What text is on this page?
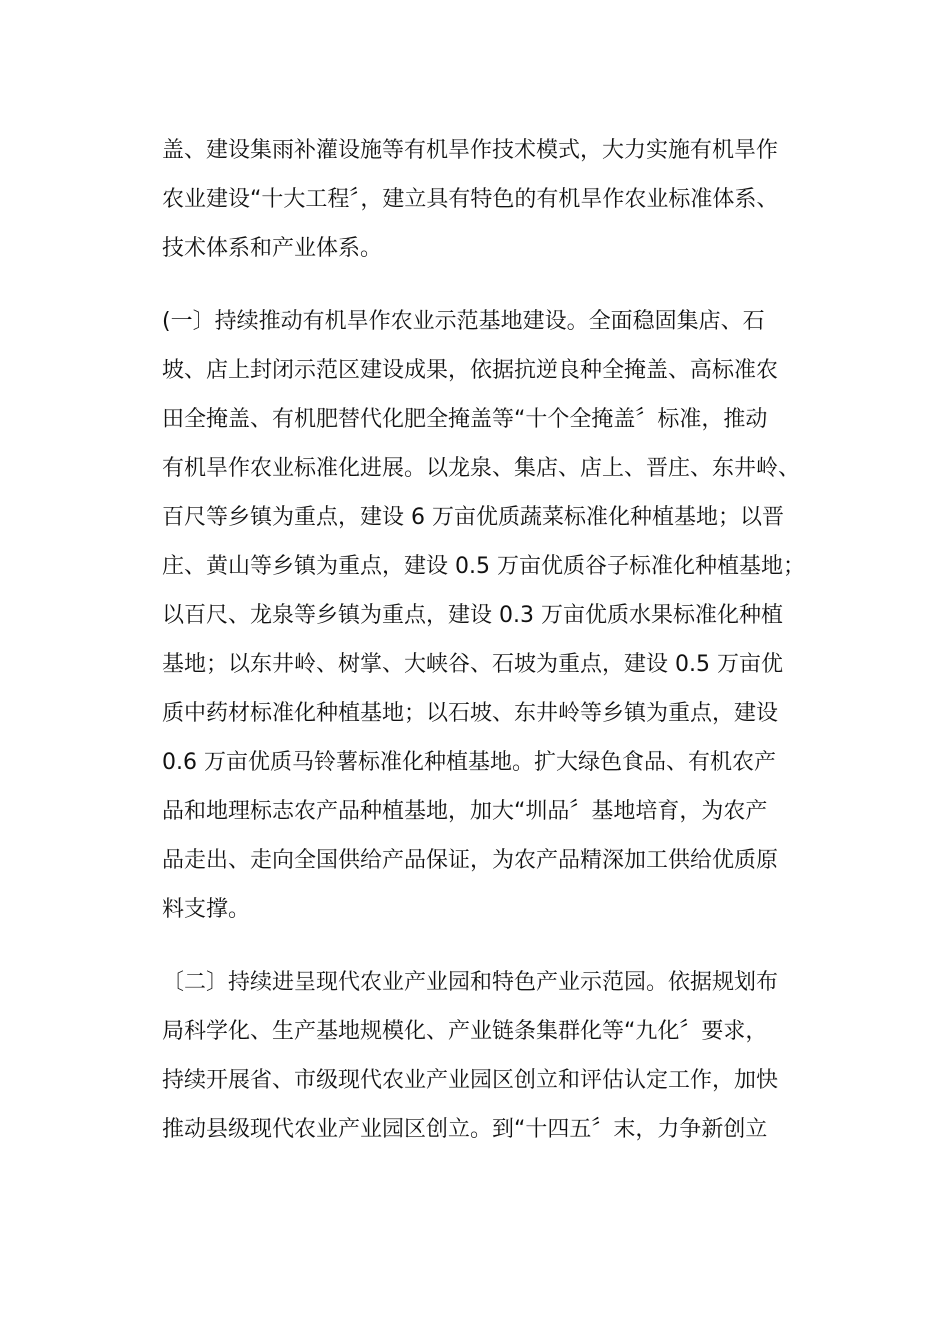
盖、建设集雨补灌设施等有机旱作技术模式，大力实施有机旱作
农业建设“十大工程〞，建立具有特色的有机旱作农业标准体系、
技术体系和产业体系。
(一〕持续推动有机旱作农业示范基地建设。全面稳固集店、石
坡、店上封闭示范区建设成果，依据抗逆良种全掩盖、高标准农
田全掩盖、有机肥替代化肥全掩盖等“十个全掩盖〞标准，推动
有机旱作农业标准化进展。以龙泉、集店、店上、晋庄、东井岭、
百尺等乡镇为重点，建设 6 万亩优质蔬菜标准化种植基地；以晋
庄、黄山等乡镇为重点，建设 0.5 万亩优质谷子标准化种植基地；
以百尺、龙泉等乡镇为重点，建设 0.3 万亩优质水果标准化种植
基地；以东井岭、树掌、大峡谷、石坡为重点，建设 0.5 万亩优
质中药材标准化种植基地；以石坡、东井岭等乡镇为重点，建设
0.6 万亩优质马铃薯标准化种植基地。扩大绿色食品、有机农产
品和地理标志农产品种植基地，加大“圳品〞基地培育，为农产
品走出、走向全国供给产品保证，为农产品精深加工供给优质原
料支撑。
〔二〕持续进呈现代农业产业园和特色产业示范园。依据规划布
局科学化、生产基地规模化、产业链条集群化等“九化〞要求，
持续开展省、市级现代农业产业园区创立和评估认定工作，加快
推动县级现代农业产业园区创立。到“十四五〞末，力争新创立
